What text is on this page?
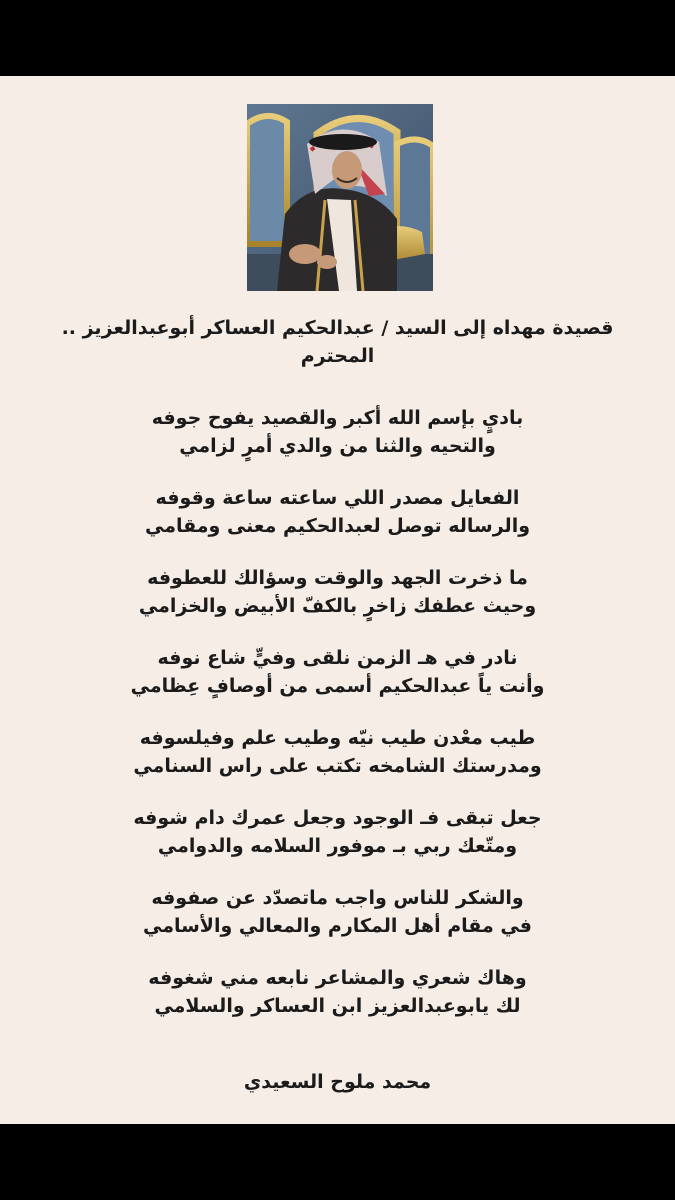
قصيدة مهداه إلى السيد / عبدالحكيم العساكر أبوعبدالعزيز .. المحترم
باديٍ بإسم الله أكبر والقصيد يفوح جوفه
والتحيه والثنا من والدي أمرٍ لزامي
الفعايل مصدر اللي ساعته ساعة وقوفه
والرساله توصل لعبدالحكيم معنى ومقامي
ما ذخرت الجهد والوقت وسؤالك للعطوفه
وحيث عطفك زاخرٍ بالكفّ الأبيض والخزامي
نادر في هـ الزمن نلقى وفيٍّ شاع نوفه
وأنت ياً عبدالحكيم أسمى من أوصافٍ عِظامي
طيب معْدن طيب نيّه وطيب علم وفيلسوفه
ومدرستك الشامخه تكتب على راس السنامي
جعل تبقى فـ الوجود وجعل عمرك دام شوفه
ومتّعك ربي بـ موفور السلامه والدوامي
والشكر للناس واجب ماتصدّد عن صفوفه
في مقام أهل المكارم والمعالي والأسامي
وهاك شعري والمشاعر نابعه مني شغوفه
لك يابوعبدالعزيز ابن العساكر والسلامي
محمد ملوح السعيدي
